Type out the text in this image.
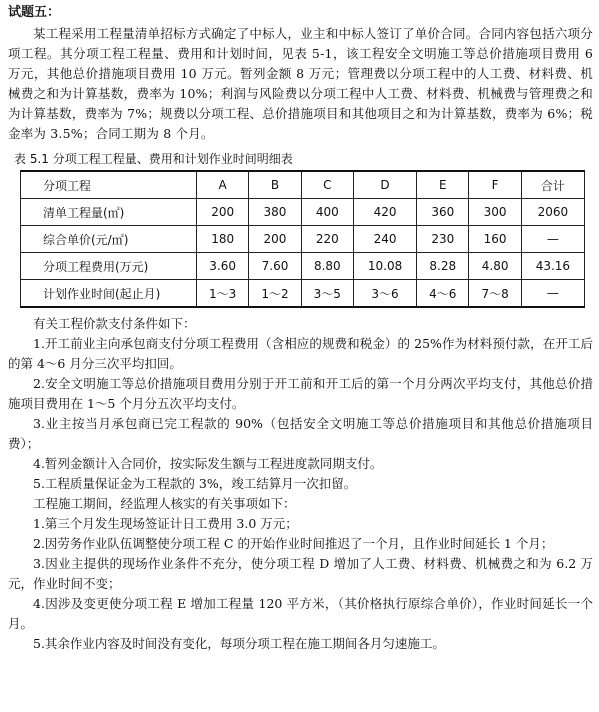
试题五：

某工程采用工程量清单招标方式确定了中标人，业主和中标人签订了单价合同。合同内容包括六项分项工程。其分项工程工程量、费用和计划时间，见表 5-1，该工程安全文明施工等总价措施项目费用 6 万元，其他总价措施项目费用 10 万元。暂列金额 8 万元；管理费以分项工程中的人工费、材料费、机械费之和为计算基数，费率为 10%；利润与风险费以分项工程中人工费、材料费、机械费与管理费之和为计算基数，费率为 7%；规费以分项工程、总价措施项目和其他项目之和为计算基数，费率为 6%；税金率为 3.5%；合同工期为 8 个月。

表 5.1 分项工程工程量、费用和计划作业时间明细表
分项工程	A	B	C	D	E	F	合计
清单工程量(㎡)	200	380	400	420	360	300	2060
综合单价(元/㎡)	180	200	220	240	230	160	—
分项工程费用(万元)	3.60	7.60	8.80	10.08	8.28	4.80	43.16
计划作业时间(起止月)	1～3	1～2	3～5	3～6	4～6	7～8	—

有关工程价款支付条件如下：

1.开工前业主向承包商支付分项工程费用（含相应的规费和税金）的 25%作为材料预付款，在开工后的第 4～6 月分三次平均扣回。

2.安全文明施工等总价措施项目费用分别于开工前和开工后的第一个月分两次平均支付，其他总价措施项目费用在 1～5 个月分五次平均支付。

3.业主按当月承包商已完工程款的 90%（包括安全文明施工等总价措施项目和其他总价措施项目费）；

4.暂列金额计入合同价，按实际发生额与工程进度款同期支付。

5.工程质量保证金为工程款的 3%，竣工结算月一次扣留。

工程施工期间，经监理人核实的有关事项如下：

1.第三个月发生现场签证计日工费用 3.0 万元；

2.因劳务作业队伍调整使分项工程 C 的开始作业时间推迟了一个月，且作业时间延长 1 个月；

3.因业主提供的现场作业条件不充分，使分项工程 D 增加了人工费、材料费、机械费之和为 6.2 万元，作业时间不变；

4.因涉及变更使分项工程 E 增加工程量 120 平方米，（其价格执行原综合单价），作业时间延长一个月。

5.其余作业内容及时间没有变化，每项分项工程在施工期间各月匀速施工。
